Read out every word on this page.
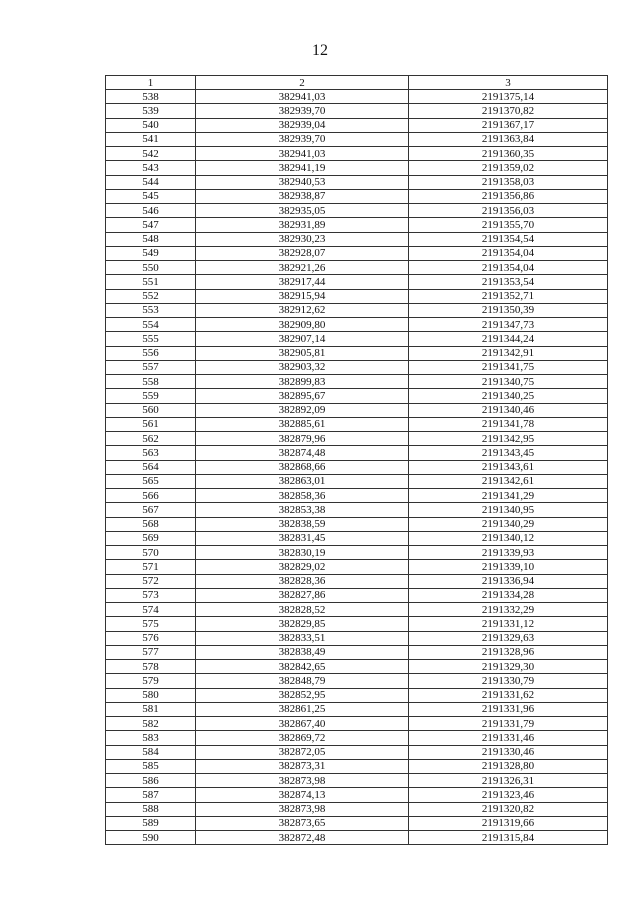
12
1	2	3
538	382941,03	2191375,14
539	382939,70	2191370,82
540	382939,04	2191367,17
541	382939,70	2191363,84
542	382941,03	2191360,35
543	382941,19	2191359,02
544	382940,53	2191358,03
545	382938,87	2191356,86
546	382935,05	2191356,03
547	382931,89	2191355,70
548	382930,23	2191354,54
549	382928,07	2191354,04
550	382921,26	2191354,04
551	382917,44	2191353,54
552	382915,94	2191352,71
553	382912,62	2191350,39
554	382909,80	2191347,73
555	382907,14	2191344,24
556	382905,81	2191342,91
557	382903,32	2191341,75
558	382899,83	2191340,75
559	382895,67	2191340,25
560	382892,09	2191340,46
561	382885,61	2191341,78
562	382879,96	2191342,95
563	382874,48	2191343,45
564	382868,66	2191343,61
565	382863,01	2191342,61
566	382858,36	2191341,29
567	382853,38	2191340,95
568	382838,59	2191340,29
569	382831,45	2191340,12
570	382830,19	2191339,93
571	382829,02	2191339,10
572	382828,36	2191336,94
573	382827,86	2191334,28
574	382828,52	2191332,29
575	382829,85	2191331,12
576	382833,51	2191329,63
577	382838,49	2191328,96
578	382842,65	2191329,30
579	382848,79	2191330,79
580	382852,95	2191331,62
581	382861,25	2191331,96
582	382867,40	2191331,79
583	382869,72	2191331,46
584	382872,05	2191330,46
585	382873,31	2191328,80
586	382873,98	2191326,31
587	382874,13	2191323,46
588	382873,98	2191320,82
589	382873,65	2191319,66
590	382872,48	2191315,84
